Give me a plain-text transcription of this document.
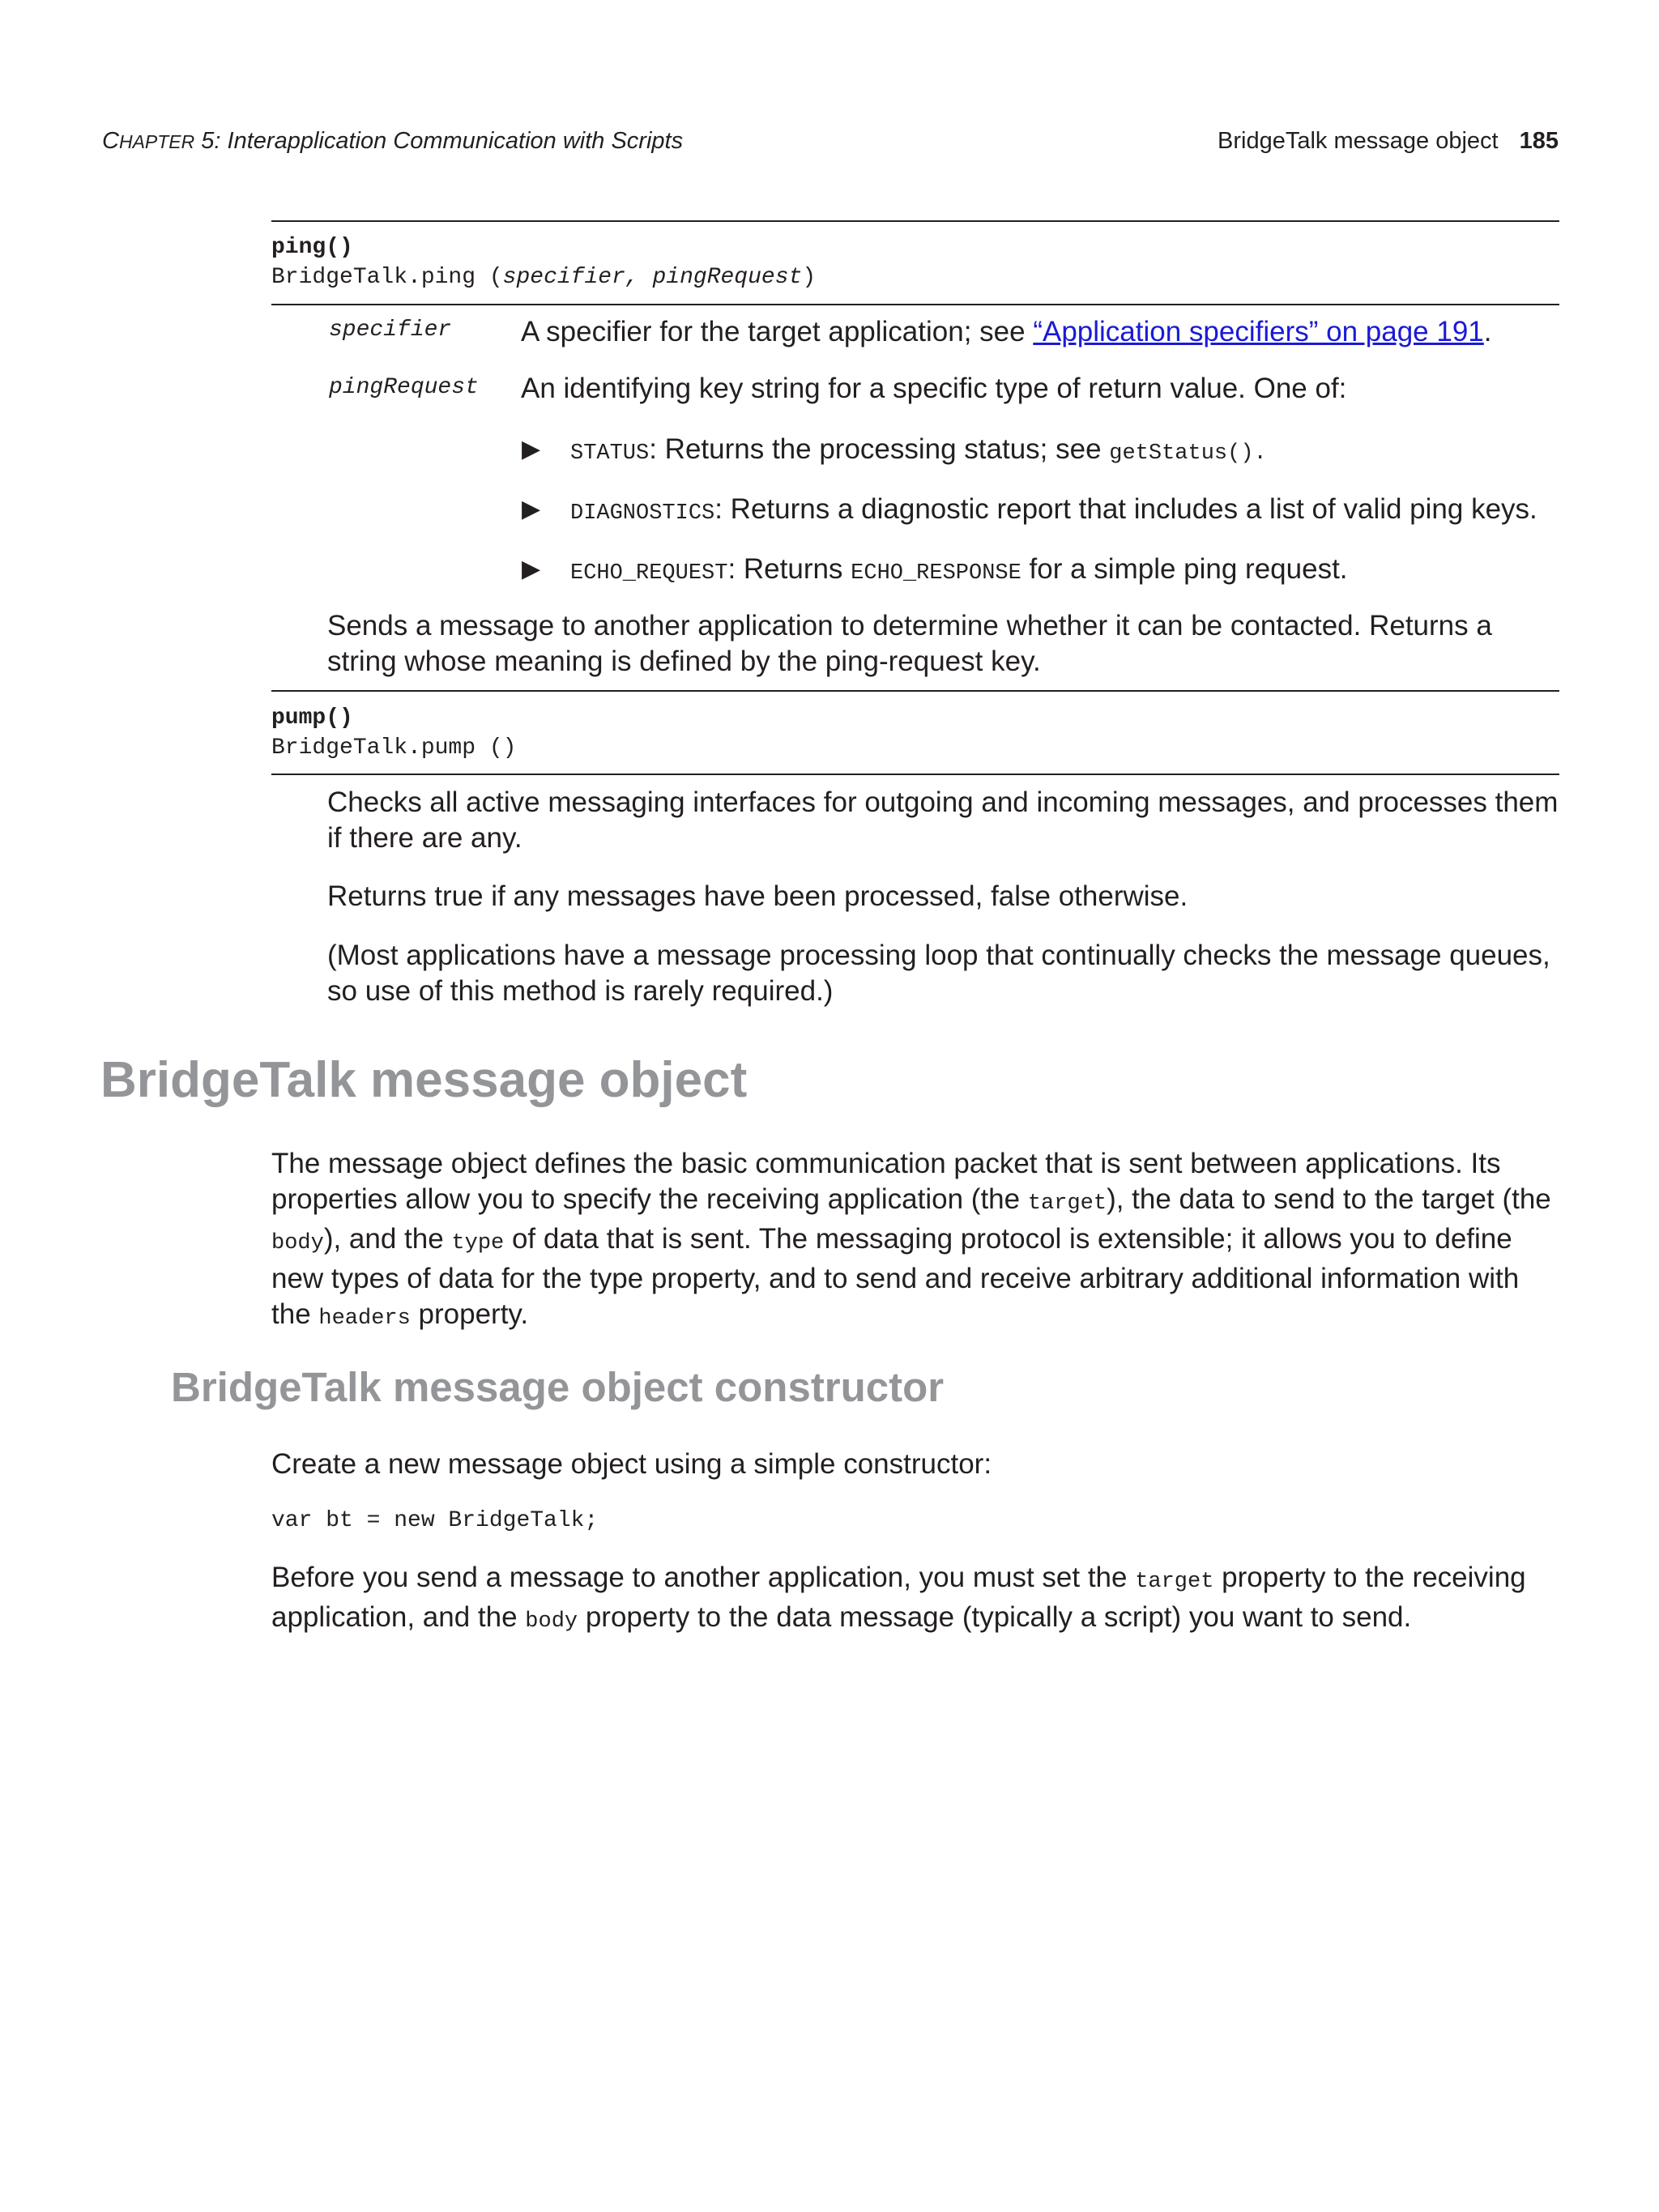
CHAPTER 5: Interapplication Communication with Scripts	BridgeTalk message object 185
ping()
BridgeTalk.ping (specifier, pingRequest)
specifier A specifier for the target application; see “Application specifiers” on page 191.
pingRequest An identifying key string for a specific type of return value. One of:
▶ STATUS: Returns the processing status; see getStatus().
▶ DIAGNOSTICS: Returns a diagnostic report that includes a list of valid ping keys.
▶ ECHO_REQUEST: Returns ECHO_RESPONSE for a simple ping request.
Sends a message to another application to determine whether it can be contacted. Returns a string whose meaning is defined by the ping-request key.
pump()
BridgeTalk.pump ()
Checks all active messaging interfaces for outgoing and incoming messages, and processes them if there are any.
Returns true if any messages have been processed, false otherwise.
(Most applications have a message processing loop that continually checks the message queues, so use of this method is rarely required.)
BridgeTalk message object
The message object defines the basic communication packet that is sent between applications. Its properties allow you to specify the receiving application (the target), the data to send to the target (the body), and the type of data that is sent. The messaging protocol is extensible; it allows you to define new types of data for the type property, and to send and receive arbitrary additional information with the headers property.
BridgeTalk message object constructor
Create a new message object using a simple constructor:
var bt = new BridgeTalk;
Before you send a message to another application, you must set the target property to the receiving application, and the body property to the data message (typically a script) you want to send.
